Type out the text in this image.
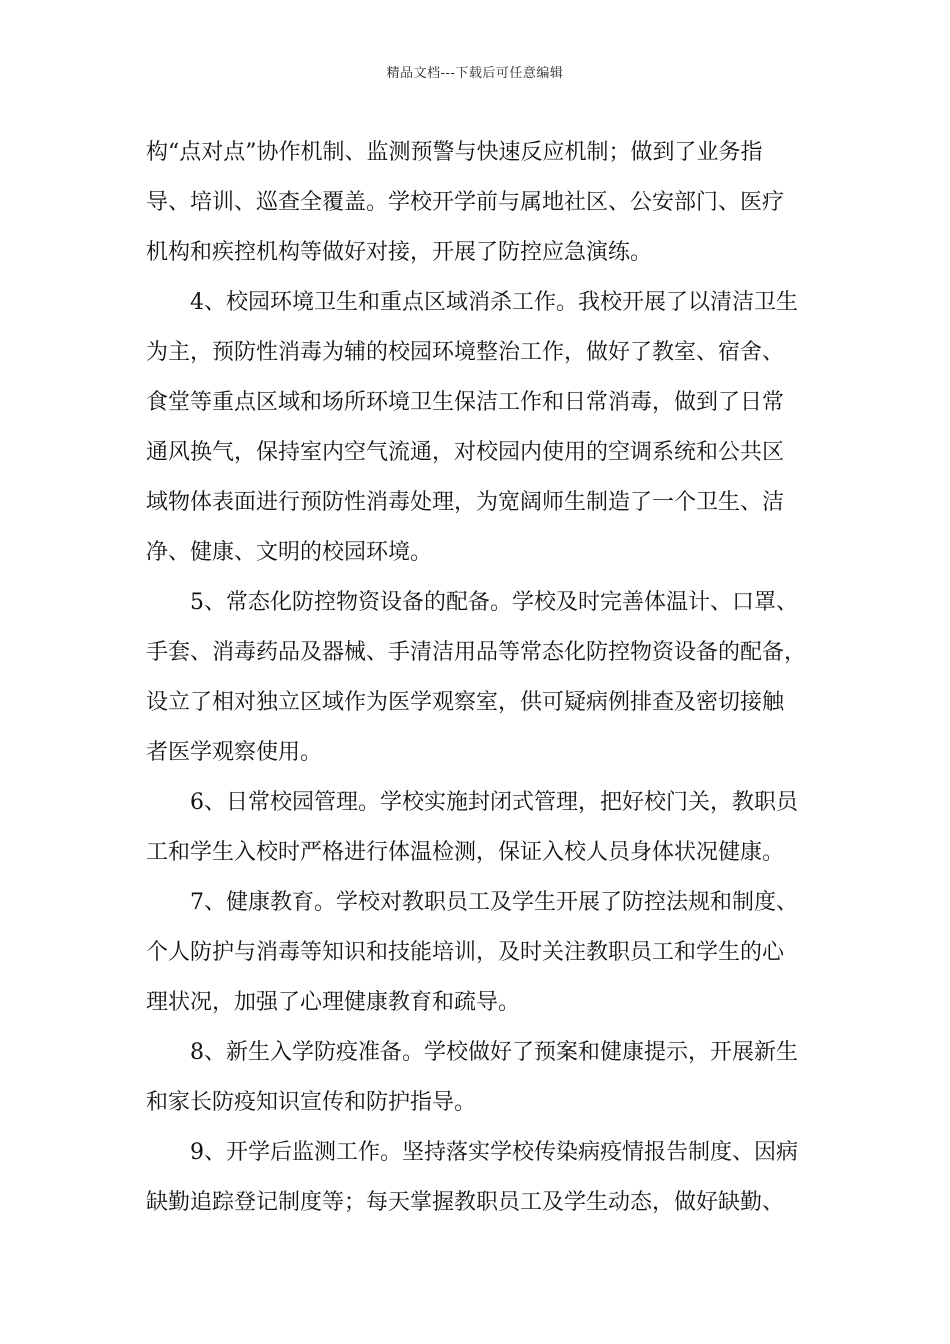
精品文档---下载后可任意编辑
构“点对点”协作机制、监测预警与快速反应机制；做到了业务指
导、培训、巡查全覆盖。学校开学前与属地社区、公安部门、医疗
机构和疾控机构等做好对接，开展了防控应急演练。
4、校园环境卫生和重点区域消杀工作。我校开展了以清洁卫生
为主，预防性消毒为辅的校园环境整治工作，做好了教室、宿舍、
食堂等重点区域和场所环境卫生保洁工作和日常消毒，做到了日常
通风换气，保持室内空气流通，对校园内使用的空调系统和公共区
域物体表面进行预防性消毒处理，为宽阔师生制造了一个卫生、洁
净、健康、文明的校园环境。
5、常态化防控物资设备的配备。学校及时完善体温计、口罩、
手套、消毒药品及器械、手清洁用品等常态化防控物资设备的配备，
设立了相对独立区域作为医学观察室，供可疑病例排查及密切接触
者医学观察使用。
6、日常校园管理。学校实施封闭式管理，把好校门关，教职员
工和学生入校时严格进行体温检测，保证入校人员身体状况健康。
7、健康教育。学校对教职员工及学生开展了防控法规和制度、
个人防护与消毒等知识和技能培训，及时关注教职员工和学生的心
理状况，加强了心理健康教育和疏导。
8、新生入学防疫准备。学校做好了预案和健康提示，开展新生
和家长防疫知识宣传和防护指导。
9、开学后监测工作。坚持落实学校传染病疫情报告制度、因病
缺勤追踪登记制度等；每天掌握教职员工及学生动态，做好缺勤、
